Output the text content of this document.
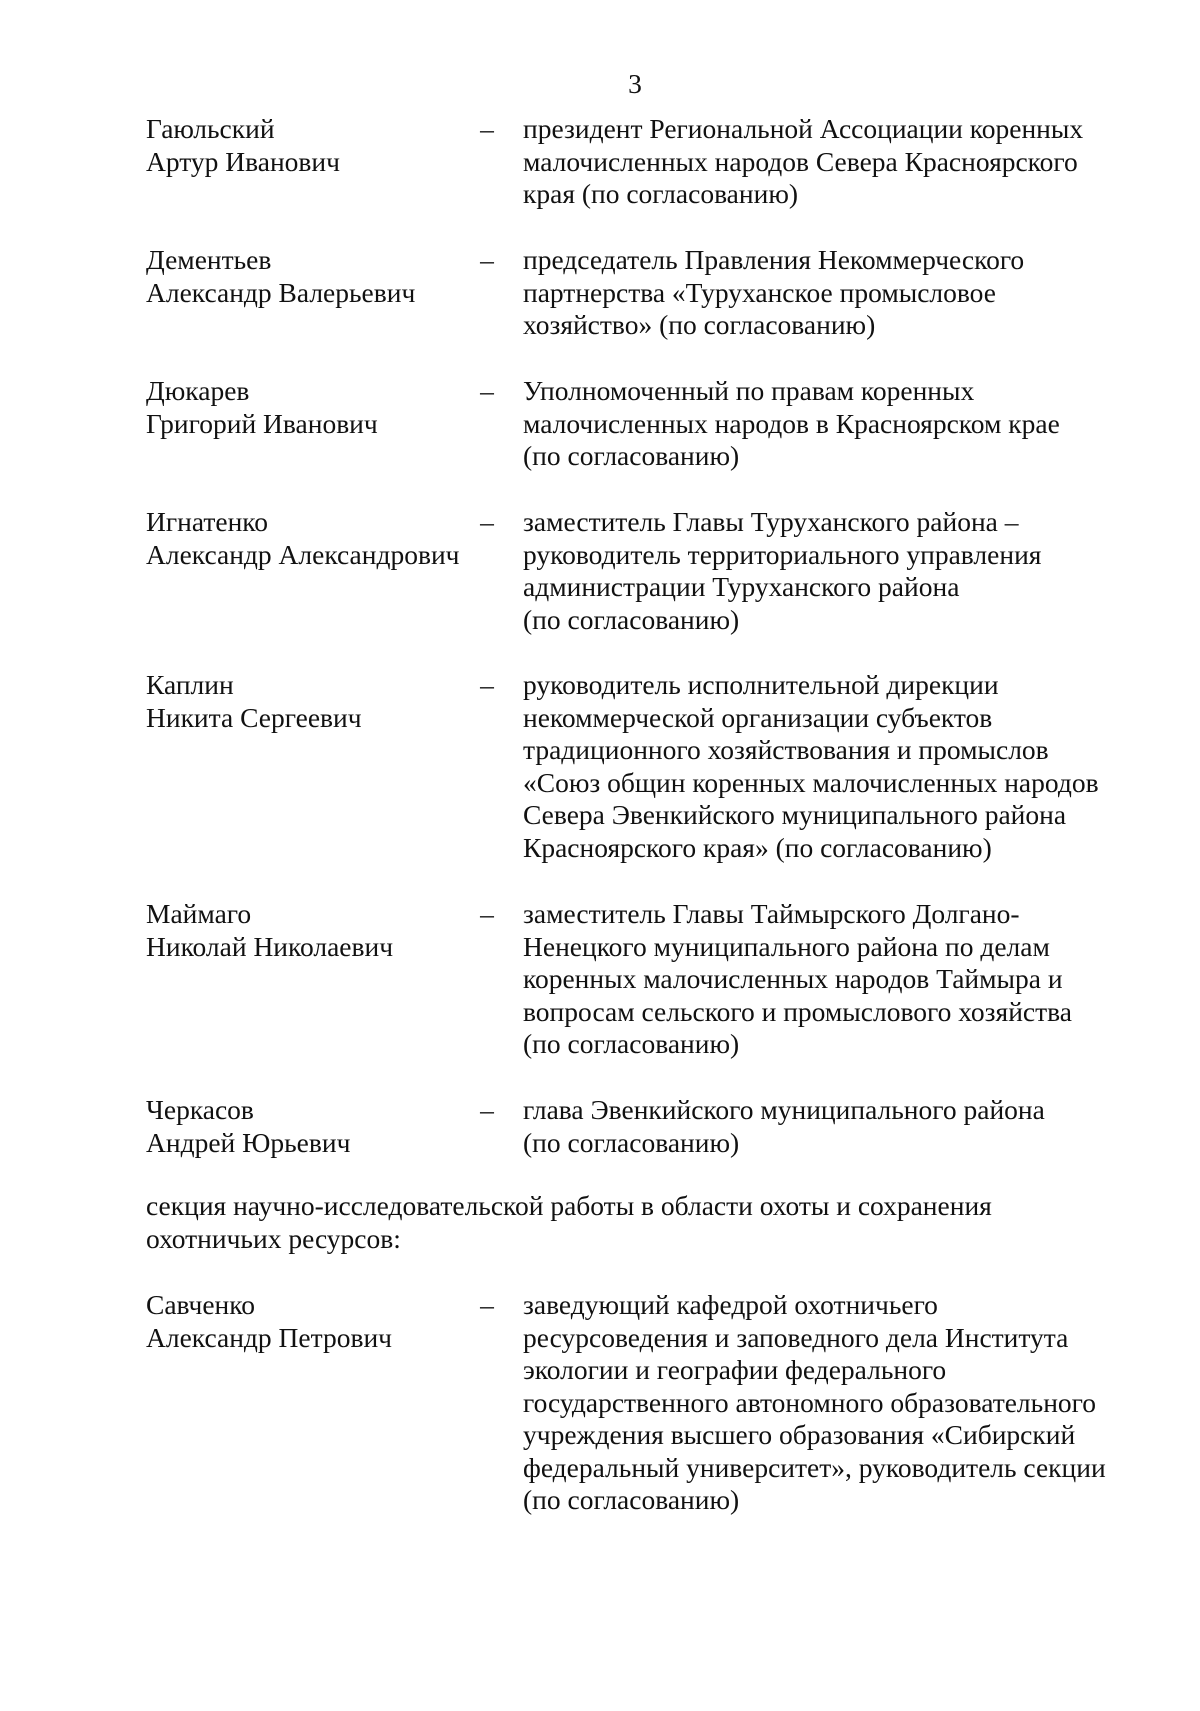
3
Гаюльский
Артур Иванович
– президент Региональной Ассоциации коренных
малочисленных народов Севера Красноярского
края (по согласованию)
Дементьев
Александр Валерьевич
– председатель Правления Некоммерческого
партнерства «Туруханское промысловое
хозяйство» (по согласованию)
Дюкарев
Григорий Иванович
– Уполномоченный по правам коренных
малочисленных народов в Красноярском крае
(по согласованию)
Игнатенко
Александр Александрович
– заместитель Главы Туруханского района –
руководитель территориального управления
администрации Туруханского района
(по согласованию)
Каплин
Никита Сергеевич
– руководитель исполнительной дирекции
некоммерческой организации субъектов
традиционного хозяйствования и промыслов
«Союз общин коренных малочисленных народов
Севера Эвенкийского муниципального района
Красноярского края» (по согласованию)
Маймаго
Николай Николаевич
– заместитель Главы Таймырского Долгано-
Ненецкого муниципального района по делам
коренных малочисленных народов Таймыра и
вопросам сельского и промыслового хозяйства
(по согласованию)
Черкасов
Андрей Юрьевич
– глава Эвенкийского муниципального района
(по согласованию)
секция научно-исследовательской работы в области охоты и сохранения
охотничьих ресурсов:
Савченко
Александр Петрович
– заведующий кафедрой охотничьего
ресурсоведения и заповедного дела Института
экологии и географии федерального
государственного автономного образовательного
учреждения высшего образования «Сибирский
федеральный университет», руководитель секции
(по согласованию)
